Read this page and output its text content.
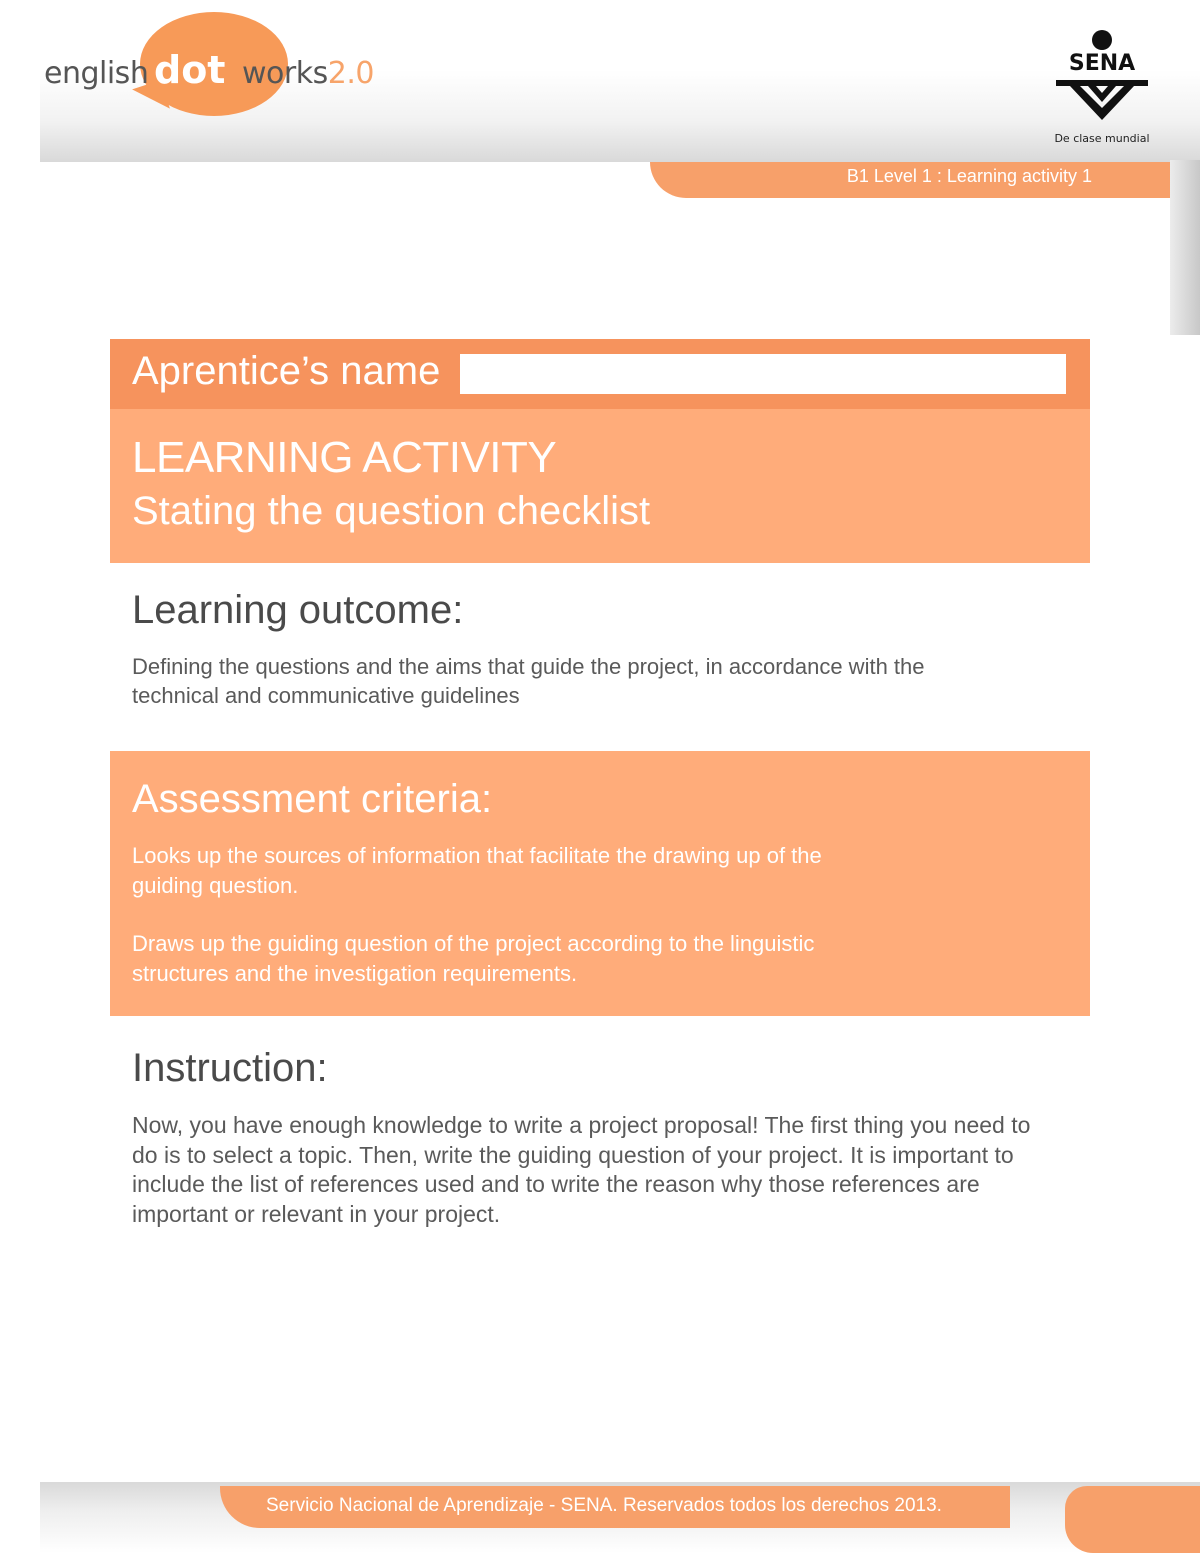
english dot works2.0	SENA
De clase mundial
B1 Level 1 : Learning activity 1
Aprentice’s name
LEARNING ACTIVITY
Stating the question checklist
Learning outcome:

Defining the questions and the aims that guide the project, in accordance with the technical and communicative guidelines

Assessment criteria:

Looks up the sources of information that facilitate the drawing up of the guiding question.

Draws up the guiding question of the project according to the linguistic structures and the investigation requirements.

Instruction:

Now, you have enough knowledge to write a project proposal! The first thing you need to do is to select a topic. Then, write the guiding question of your project. It is important to include the list of references used and to write the reason why those references are important or relevant in your project.

Servicio Nacional de Aprendizaje - SENA. Reservados todos los derechos 2013.
